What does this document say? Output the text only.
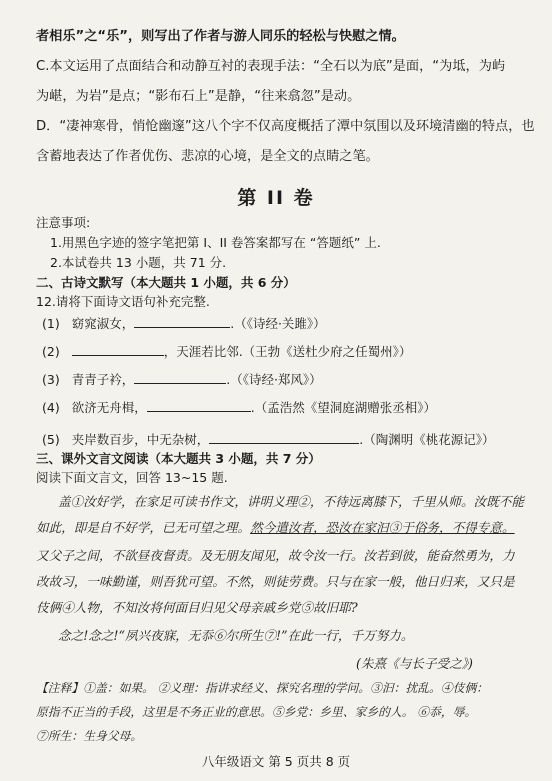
者相乐”之“乐”，则写出了作者与游人同乐的轻松与快慰之情。
C.本文运用了点面结合和动静互衬的表现手法：“全石以为底”是面，“为坻，为屿
为嵁，为岩”是点；“影布石上”是静，“往来翕忽”是动。
D．“凄神寒骨，悄怆幽邃”这八个字不仅高度概括了潭中氛围以及环境清幽的特点，也
含蓄地表达了作者优伤、悲凉的心境，是全文的点睛之笔。
第 II 卷
注意事项:
1.用黑色字迹的签字笔把第 I、II 卷答案都写在 “答题纸” 上.
2.本试卷共 13 小题，共 71 分.
二、古诗文默写（本大题共 1 小题，共 6 分）
12.请将下面诗文语句补充完整.
(1) 窈窕淑女，	.（《诗经·关雎》）
(2)	，天涯若比邻.（王勃《送杜少府之任蜀州》）
(3) 青青子衿，	.（《诗经·郑风》）
(4) 欲济无舟楫，	.（孟浩然《望洞庭湖赠张丞相》）
(5) 夹岸数百步，中无杂树，	.（陶渊明《桃花源记》）
三、课外文言文阅读（本大题共 3 小题，共 7 分）
阅读下面文言文，回答 13~15 题.
盖①汝好学，在家足可读书作文，讲明义理②，不待远离膝下，千里从师。汝既不能
如此，即是自不好学，已无可望之理。然今遣汝者，恐汝在家汩③于俗务，不得专意。
又父子之间，不欲昼夜督责。及无朋友闻见，故令汝一行。汝若到彼，能奋然勇为，力
改故习，一味勤谨，则吾犹可望。不然，则徒劳费。只与在家一般，他日归来，又只是
伎俩④人物，不知汝将何面目归见父母亲戚乡党⑤故旧耶?
念之!念之!“夙兴夜寐，无忝⑥尔所生⑦!”在此一行，千万努力。
(朱熹《与长子受之》)
【注释】①盖：如果。 ②义理：指讲求经义、探究名理的学问。③汩：扰乱。④伎俩：
原指不正当的手段，这里是不务正业的意思。⑤乡党：乡里、家乡的人。 ⑥忝，辱。
⑦所生：生身父母。
八年级语文 第 5 页共 8 页
